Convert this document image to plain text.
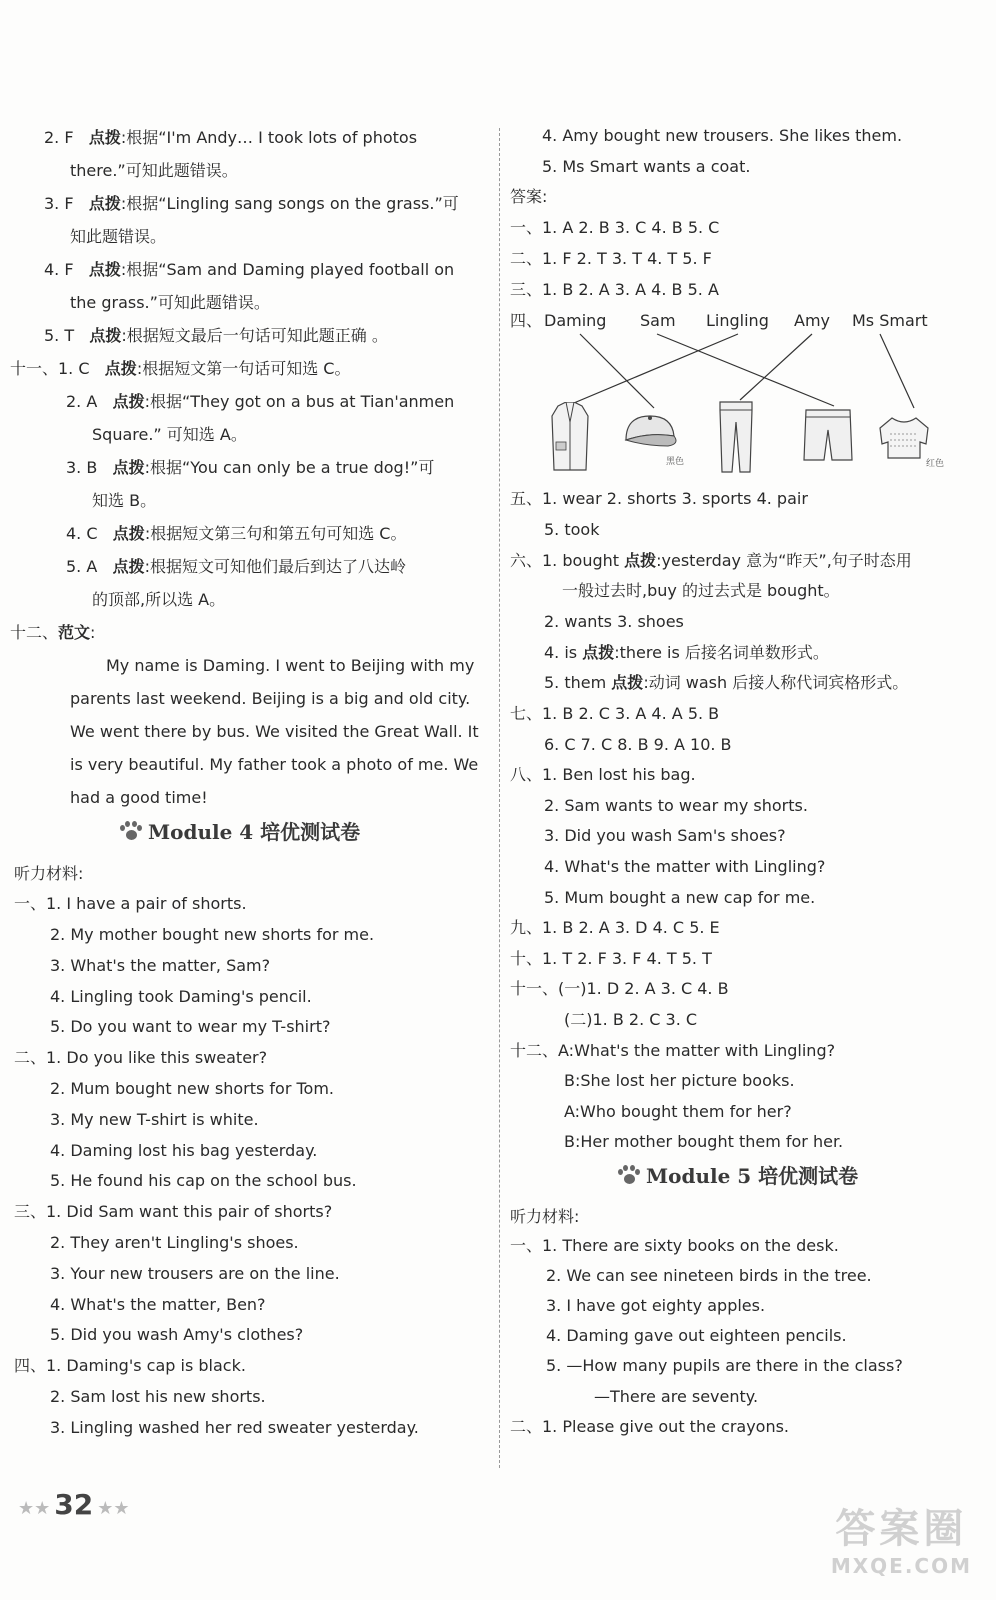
2. F 点拨:根据“I'm Andy… I took lots of photos
there.”可知此题错误。
3. F 点拨:根据“Lingling sang songs on the grass.”可
知此题错误。
4. F 点拨:根据“Sam and Daming played football on
the grass.”可知此题错误。
5. T 点拨:根据短文最后一句话可知此题正确 。
十一、1. C 点拨:根据短文第一句话可知选 C。
2. A 点拨:根据“They got on a bus at Tian'anmen
Square.” 可知选 A。
3. B 点拨:根据“You can only be a true dog!”可
知选 B。
4. C 点拨:根据短文第三句和第五句可知选 C。
5. A 点拨:根据短文可知他们最后到达了八达岭
的顶部,所以选 A。
十二、范文:
My name is Daming. I went to Beijing with my
parents last weekend. Beijing is a big and old city.
We went there by bus. We visited the Great Wall. It
is very beautiful. My father took a photo of me. We
had a good time!
Module 4 培优测试卷
听力材料:
一、1. I have a pair of shorts.
2. My mother bought new shorts for me.
3. What's the matter, Sam?
4. Lingling took Daming's pencil.
5. Do you want to wear my T-shirt?
二、1. Do you like this sweater?
2. Mum bought new shorts for Tom.
3. My new T-shirt is white.
4. Daming lost his bag yesterday.
5. He found his cap on the school bus.
三、1. Did Sam want this pair of shorts?
2. They aren't Lingling's shoes.
3. Your new trousers are on the line.
4. What's the matter, Ben?
5. Did you wash Amy's clothes?
四、1. Daming's cap is black.
2. Sam lost his new shorts.
3. Lingling washed her red sweater yesterday.
★★ 32 ★★
4. Amy bought new trousers. She likes them.
5. Ms Smart wants a coat.
答案:
一、1. A 2. B 3. C 4. B 5. C
二、1. F 2. T 3. T 4. T 5. F
三、1. B 2. A 3. A 4. B 5. A
四、 Daming Sam Lingling Amy Ms Smart
黑色	红色
五、1. wear 2. shorts 3. sports 4. pair
5. took
六、1. bought 点拨:yesterday 意为“昨天”,句子时态用
一般过去时,buy 的过去式是 bought。
2. wants 3. shoes
4. is 点拨:there is 后接名词单数形式。
5. them 点拨:动词 wash 后接人称代词宾格形式。
七、1. B 2. C 3. A 4. A 5. B
6. C 7. C 8. B 9. A 10. B
八、1. Ben lost his bag.
2. Sam wants to wear my shorts.
3. Did you wash Sam's shoes?
4. What's the matter with Lingling?
5. Mum bought a new cap for me.
九、1. B 2. A 3. D 4. C 5. E
十、1. T 2. F 3. F 4. T 5. T
十一、(一)1. D 2. A 3. C 4. B
(二)1. B 2. C 3. C
十二、A:What's the matter with Lingling?
B:She lost her picture books.
A:Who bought them for her?
B:Her mother bought them for her.
Module 5 培优测试卷
听力材料:
一、1. There are sixty books on the desk.
2. We can see nineteen birds in the tree.
3. I have got eighty apples.
4. Daming gave out eighteen pencils.
5. —How many pupils are there in the class?
—There are seventy.
二、1. Please give out the crayons.
答案圈
MXQE.COM
